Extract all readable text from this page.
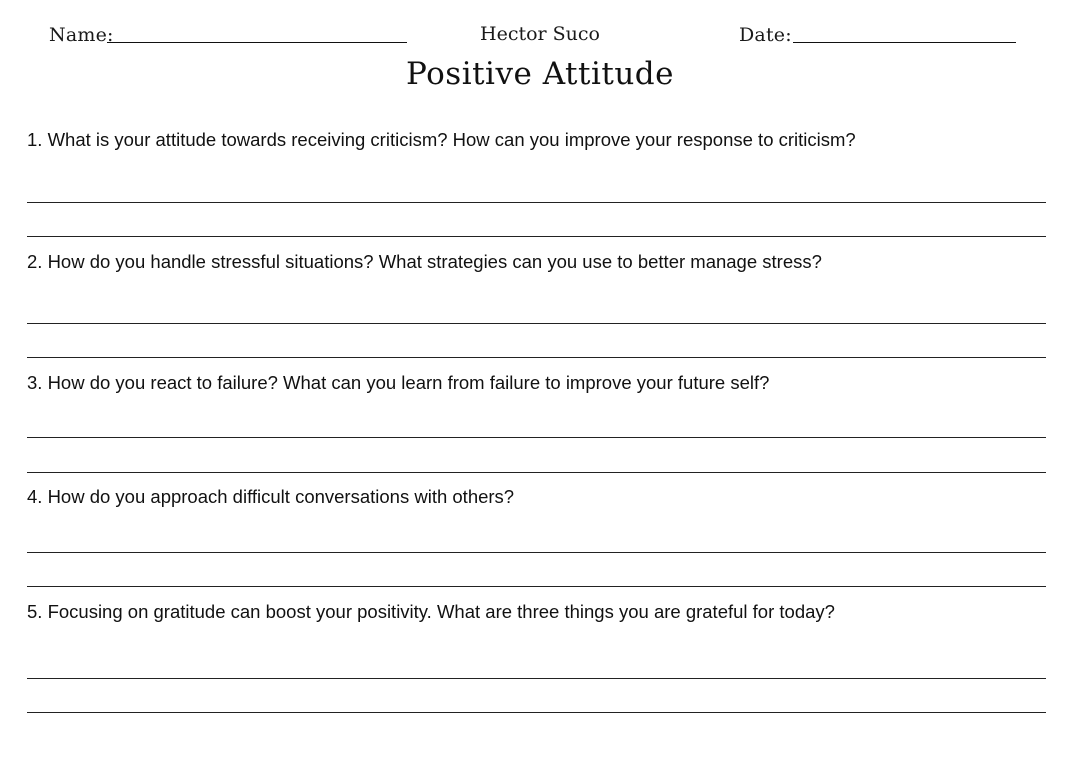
Name:	Hector Suco	Date:
Positive Attitude
1. What is your attitude towards receiving criticism? How can you improve your response to criticism?
2. How do you handle stressful situations? What strategies can you use to better manage stress?
3. How do you react to failure? What can you learn from failure to improve your future self?
4. How do you approach difficult conversations with others?
5. Focusing on gratitude can boost your positivity. What are three things you are grateful for today?
